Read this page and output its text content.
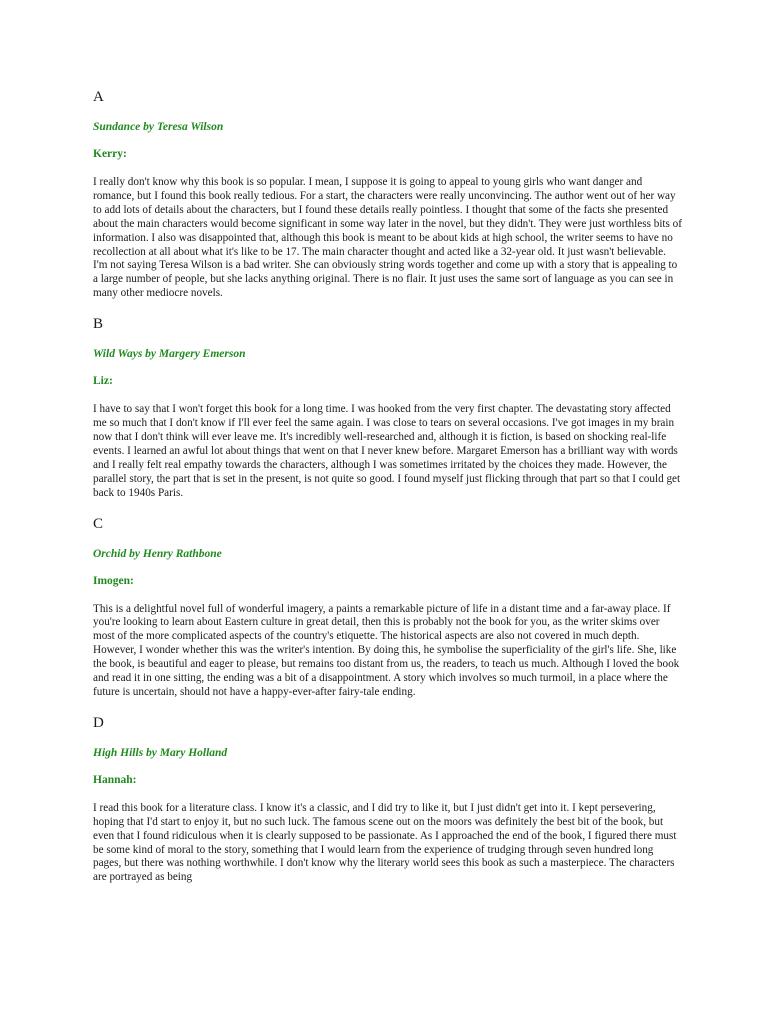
A
Sundance by Teresa Wilson
Kerry:

I really don't know why this book is so popular. I mean, I suppose it is going to appeal to young girls who want danger and romance, but I found this book really tedious. For a start, the characters were really unconvincing. The author went out of her way to add lots of details about the characters, but I found these details really pointless. I thought that some of the facts she presented about the main characters would become significant in some way later in the novel, but they didn't. They were just worthless bits of information. I also was disappointed that, although this book is meant to be about kids at high school, the writer seems to have no recollection at all about what it's like to be 17. The main character thought and acted like a 32-year old. It just wasn't believable. I'm not saying Teresa Wilson is a bad writer. She can obviously string words together and come up with a story that is appealing to a large number of people, but she lacks anything original. There is no flair. It just uses the same sort of language as you can see in many other mediocre novels.

B
Wild Ways by Margery Emerson
Liz:

I have to say that I won't forget this book for a long time. I was hooked from the very first chapter. The devastating story affected me so much that I don't know if I'll ever feel the same again. I was close to tears on several occasions. I've got images in my brain now that I don't think will ever leave me. It's incredibly well-researched and, although it is fiction, is based on shocking real-life events. I learned an awful lot about things that went on that I never knew before. Margaret Emerson has a brilliant way with words and I really felt real empathy towards the characters, although I was sometimes irritated by the choices they made. However, the parallel story, the part that is set in the present, is not quite so good. I found myself just flicking through that part so that I could get back to 1940s Paris.

C
Orchid by Henry Rathbone
Imogen:

This is a delightful novel full of wonderful imagery, a paints a remarkable picture of life in a distant time and a far-away place. If you're looking to learn about Eastern culture in great detail, then this is probably not the book for you, as the writer skims over most of the more complicated aspects of the country's etiquette. The historical aspects are also not covered in much depth. However, I wonder whether this was the writer's intention. By doing this, he symbolise the superficiality of the girl's life. She, like the book, is beautiful and eager to please, but remains too distant from us, the readers, to teach us much. Although I loved the book and read it in one sitting, the ending was a bit of a disappointment. A story which involves so much turmoil, in a place where the future is uncertain, should not have a happy-ever-after fairy-tale ending.

D
High Hills by Mary Holland
Hannah:

I read this book for a literature class. I know it's a classic, and I did try to like it, but I just didn't get into it. I kept persevering, hoping that I'd start to enjoy it, but no such luck. The famous scene out on the moors was definitely the best bit of the book, but even that I found ridiculous when it is clearly supposed to be passionate. As I approached the end of the book, I figured there must be some kind of moral to the story, something that I would learn from the experience of trudging through seven hundred long pages, but there was nothing worthwhile. I don't know why the literary world sees this book as such a masterpiece. The characters are portrayed as being
